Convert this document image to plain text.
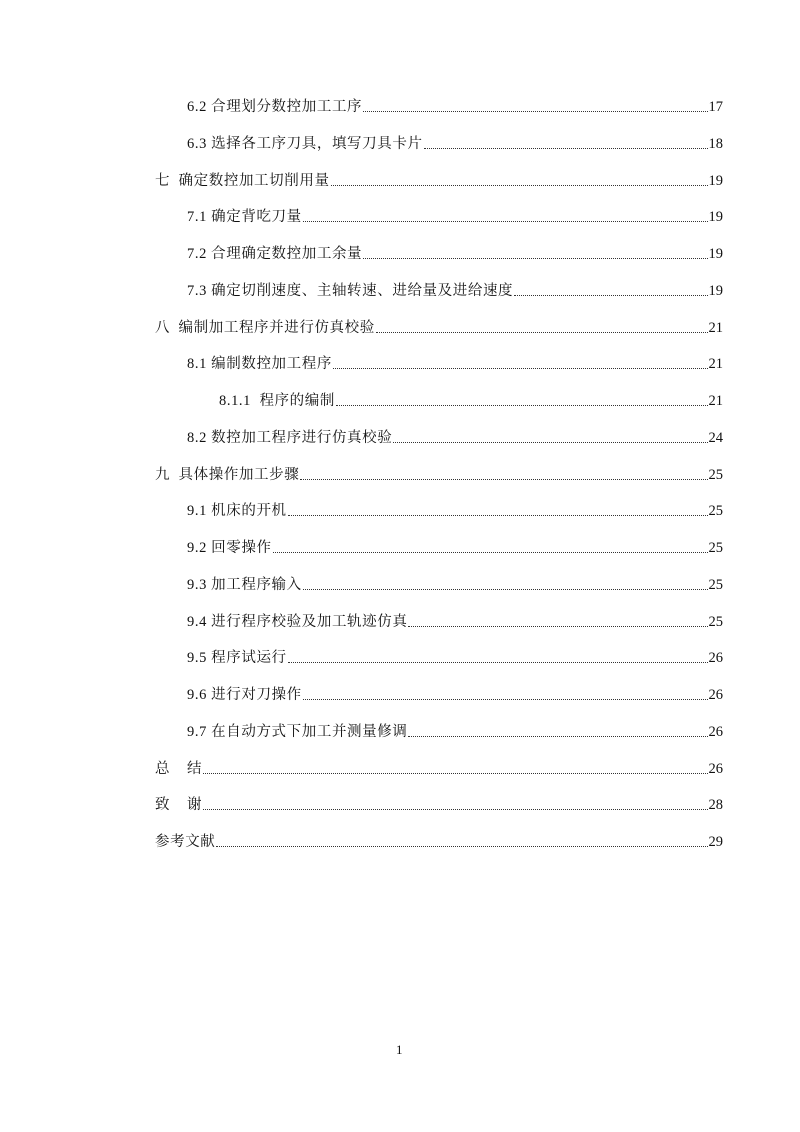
6.2 合理划分数控加工工序	17
6.3 选择各工序刀具，填写刀具卡片	18
七  确定数控加工切削用量	19
7.1 确定背吃刀量	19
7.2 合理确定数控加工余量	19
7.3 确定切削速度、主轴转速、进给量及进给速度	19
八  编制加工程序并进行仿真校验	21
8.1 编制数控加工程序	21
8.1.1  程序的编制	21
8.2 数控加工程序进行仿真校验	24
九  具体操作加工步骤	25
9.1 机床的开机	25
9.2 回零操作	25
9.3 加工程序输入	25
9.4 进行程序校验及加工轨迹仿真	25
9.5 程序试运行	26
9.6 进行对刀操作	26
9.7 在自动方式下加工并测量修调	26
总    结	26
致    谢	28
参考文献	29
1
